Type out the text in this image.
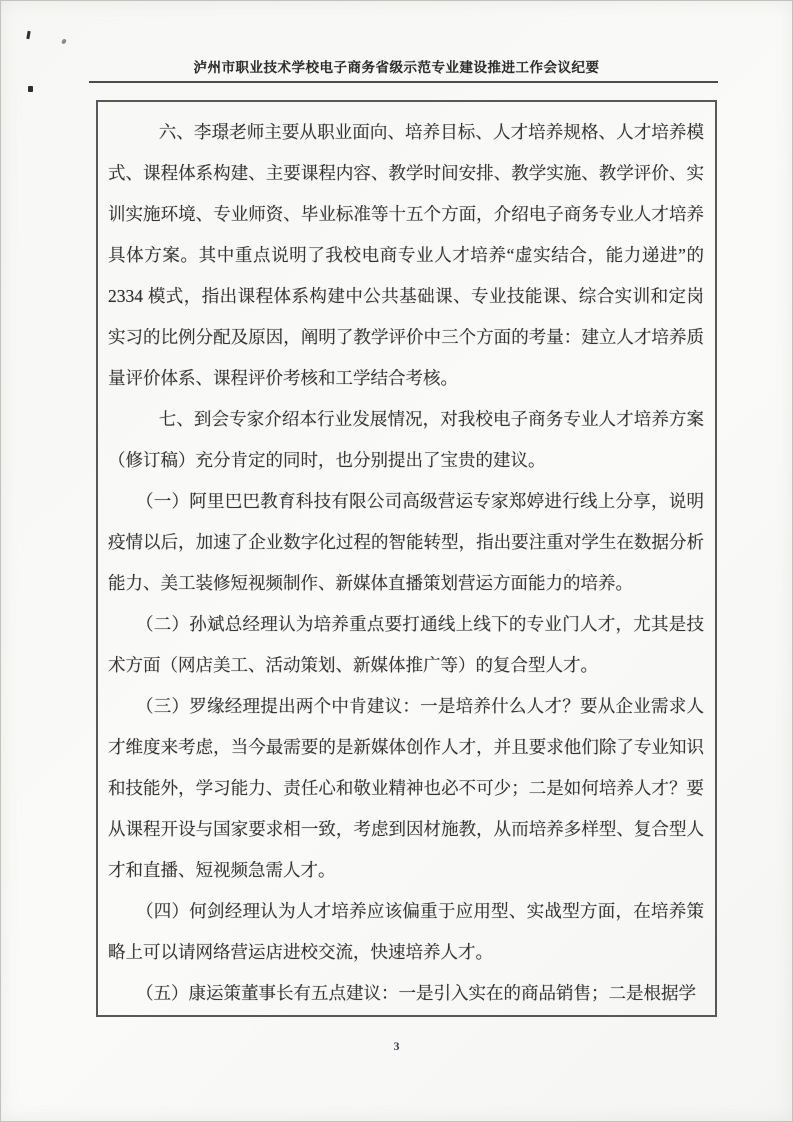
泸州市职业技术学校电子商务省级示范专业建设推进工作会议纪要

六、李璟老师主要从职业面向、培养目标、人才培养规格、人才培养模式、课程体系构建、主要课程内容、教学时间安排、教学实施、教学评价、实训实施环境、专业师资、毕业标准等十五个方面，介绍电子商务专业人才培养具体方案。其中重点说明了我校电商专业人才培养“虚实结合，能力递进”的 2334 模式，指出课程体系构建中公共基础课、专业技能课、综合实训和定岗实习的比例分配及原因，阐明了教学评价中三个方面的考量：建立人才培养质量评价体系、课程评价考核和工学结合考核。

七、到会专家介绍本行业发展情况，对我校电子商务专业人才培养方案（修订稿）充分肯定的同时，也分别提出了宝贵的建议。

（一）阿里巴巴教育科技有限公司高级营运专家郑婷进行线上分享，说明疫情以后，加速了企业数字化过程的智能转型，指出要注重对学生在数据分析能力、美工装修短视频制作、新媒体直播策划营运方面能力的培养。

（二）孙斌总经理认为培养重点要打通线上线下的专业门人才，尤其是技术方面（网店美工、活动策划、新媒体推广等）的复合型人才。

（三）罗缘经理提出两个中肯建议：一是培养什么人才？要从企业需求人才维度来考虑，当今最需要的是新媒体创作人才，并且要求他们除了专业知识和技能外，学习能力、责任心和敬业精神也必不可少；二是如何培养人才？要从课程开设与国家要求相一致，考虑到因材施教，从而培养多样型、复合型人才和直播、短视频急需人才。

（四）何剑经理认为人才培养应该偏重于应用型、实战型方面，在培养策略上可以请网络营运店进校交流，快速培养人才。

（五）康运策董事长有五点建议：一是引入实在的商品销售；二是根据学

3
